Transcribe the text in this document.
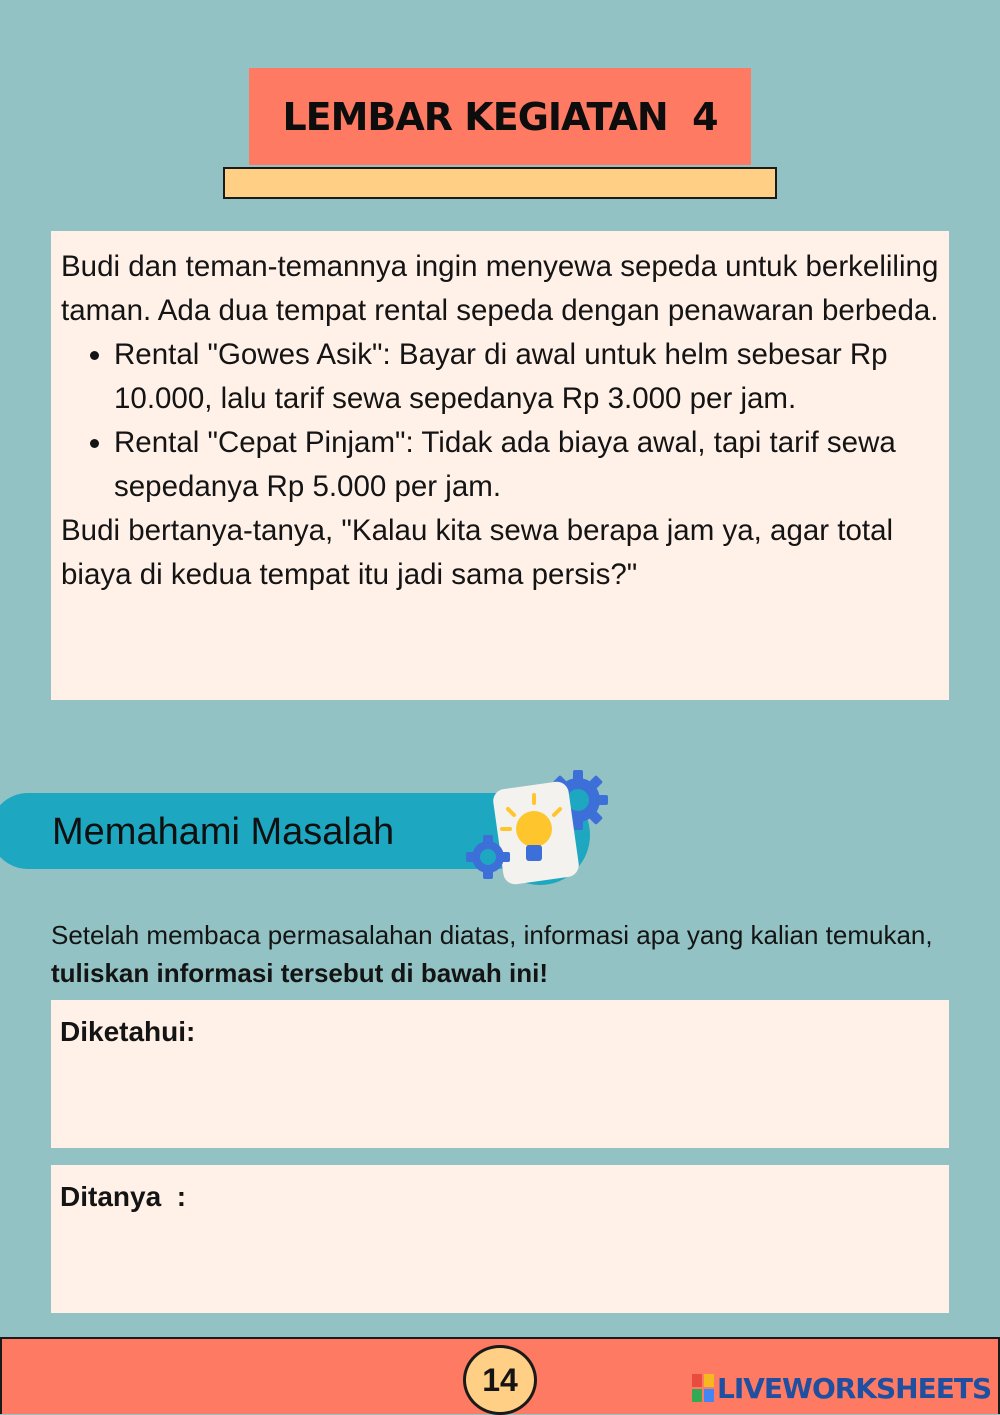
LEMBAR KEGIATAN  4

Budi dan teman-temannya ingin menyewa sepeda untuk berkeliling taman. Ada dua tempat rental sepeda dengan penawaran berbeda.

• Rental "Gowes Asik": Bayar di awal untuk helm sebesar Rp 10.000, lalu tarif sewa sepedanya Rp 3.000 per jam.
• Rental "Cepat Pinjam": Tidak ada biaya awal, tapi tarif sewa sepedanya Rp 5.000 per jam.

Budi bertanya-tanya, "Kalau kita sewa berapa jam ya, agar total biaya di kedua tempat itu jadi sama persis?"

Memahami Masalah
Setelah membaca permasalahan diatas, informasi apa yang kalian temukan, tuliskan informasi tersebut di bawah ini!
Diketahui:
Ditanya  :
14	LIVEWORKSHEETS
